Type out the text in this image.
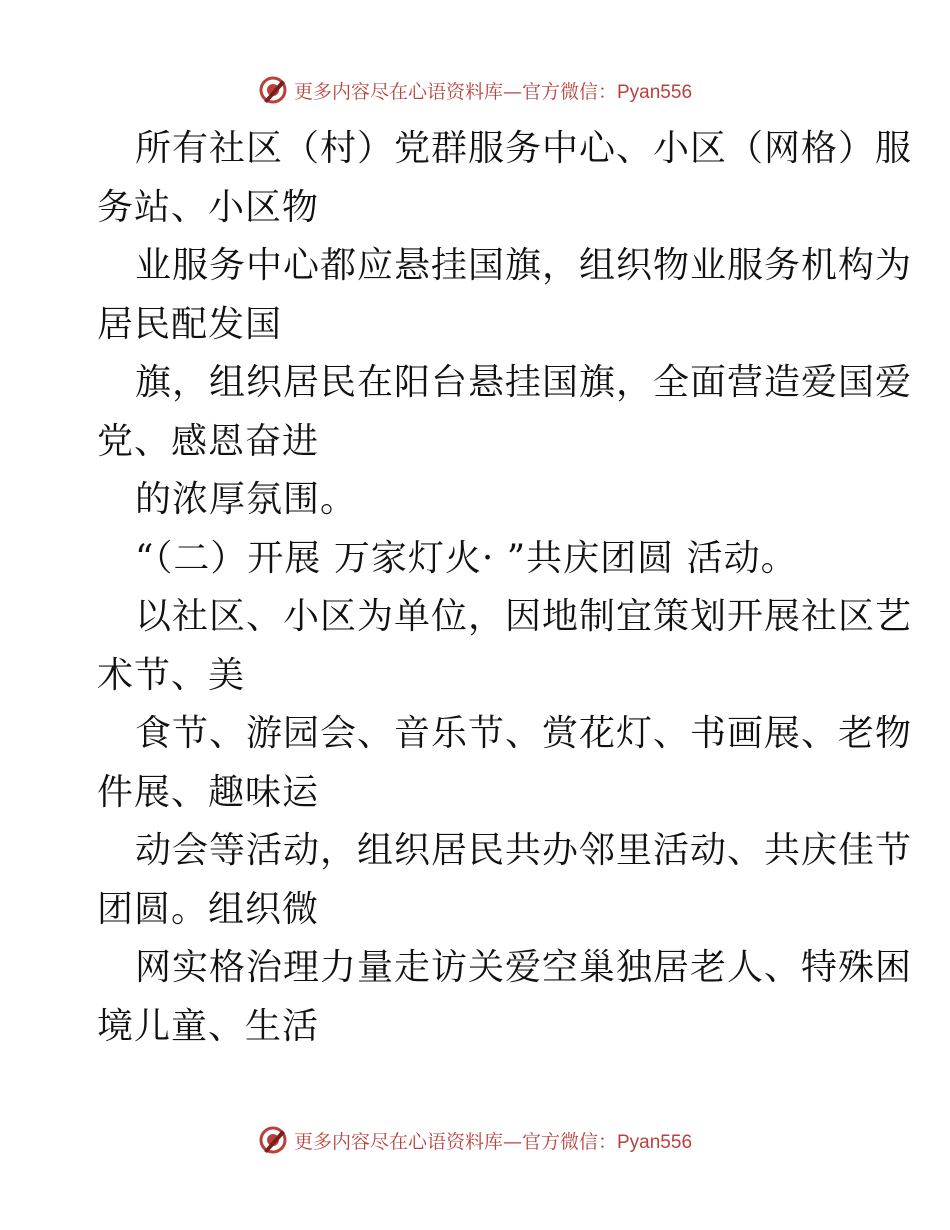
更多内容尽在心语资料库—官方微信：Pyan556

所有社区（村）党群服务中心、小区（网格）服

务站、小区物

业服务中心都应悬挂国旗，组织物业服务机构为

居民配发国

旗，组织居民在阳台悬挂国旗，全面营造爱国爱

党、感恩奋进

的浓厚氛围。

“（二）开展 万家灯火· ”共庆团圆 活动。

以社区、小区为单位，因地制宜策划开展社区艺

术节、美

食节、游园会、音乐节、赏花灯、书画展、老物

件展、趣味运

动会等活动，组织居民共办邻里活动、共庆佳节

团圆。组织微

网实格治理力量走访关爱空巢独居老人、特殊困

境儿童、生活

更多内容尽在心语资料库—官方微信：Pyan556
